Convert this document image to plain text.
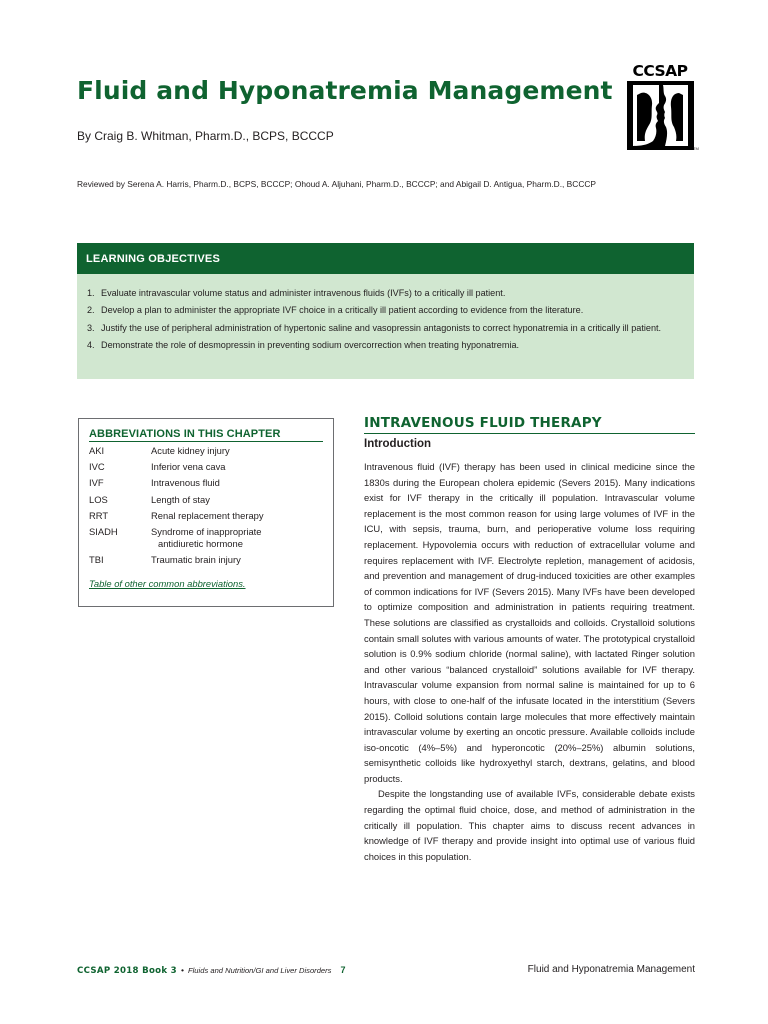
Fluid and Hyponatremia Management
By Craig B. Whitman, Pharm.D., BCPS, BCCCP
Reviewed by Serena A. Harris, Pharm.D., BCPS, BCCCP; Ohoud A. Aljuhani, Pharm.D., BCCCP; and Abigail D. Antigua, Pharm.D., BCCCP
CCSAP
TM
LEARNING OBJECTIVES
1. Evaluate intravascular volume status and administer intravenous fluids (IVFs) to a critically ill patient.
2. Develop a plan to administer the appropriate IVF choice in a critically ill patient according to evidence from the literature.
3. Justify the use of peripheral administration of hypertonic saline and vasopressin antagonists to correct hyponatremia in a critically ill patient.
4. Demonstrate the role of desmopressin in preventing sodium overcorrection when treating hyponatremia.
ABBREVIATIONS IN THIS CHAPTER
AKI	Acute kidney injury
IVC	Inferior vena cava
IVF	Intravenous fluid
LOS	Length of stay
RRT	Renal replacement therapy
SIADH	Syndrome of inappropriate
antidiuretic hormone
TBI	Traumatic brain injury
Table of other common abbreviations.
INTRAVENOUS FLUID THERAPY
Introduction

Intravenous fluid (IVF) therapy has been used in clinical medicine since the 1830s during the European cholera epidemic (Severs 2015). Many indications exist for IVF therapy in the critically ill population. Intravascular volume replacement is the most common reason for using large volumes of IVF in the ICU, with sepsis, trauma, burn, and perioperative volume loss requiring replacement. Hypovolemia occurs with reduction of extracellular volume and requires replacement with IVF. Electrolyte repletion, management of acidosis, and prevention and management of drug-induced toxicities are other examples of common indications for IVF (Severs 2015). Many IVFs have been developed to optimize composition and administration in patients requiring treatment. These solutions are classified as crystalloids and colloids. Crystalloid solutions contain small solutes with various amounts of water. The prototypical crystalloid solution is 0.9% sodium chloride (normal saline), with lactated Ringer solution and other various “balanced crystalloid” solutions available for IVF therapy. Intravascular volume expansion from normal saline is maintained for up to 6 hours, with close to one-half of the infusate located in the interstitium (Severs 2015). Colloid solutions contain large molecules that more effectively maintain intravascular volume by exerting an oncotic pressure. Available colloids include iso-oncotic (4%–5%) and hyperoncotic (20%–25%) albumin solutions, semisynthetic colloids like hydroxyethyl starch, dextrans, gelatins, and blood products.

Despite the longstanding use of available IVFs, considerable debate exists regarding the optimal fluid choice, dose, and method of administration in the critically ill population. This chapter aims to discuss recent advances in knowledge of IVF therapy and provide insight into optimal use of various fluid choices in this population.

CCSAP 2018 Book 3 • Fluids and Nutrition/GI and Liver Disorders 7	Fluid and Hyponatremia Management
